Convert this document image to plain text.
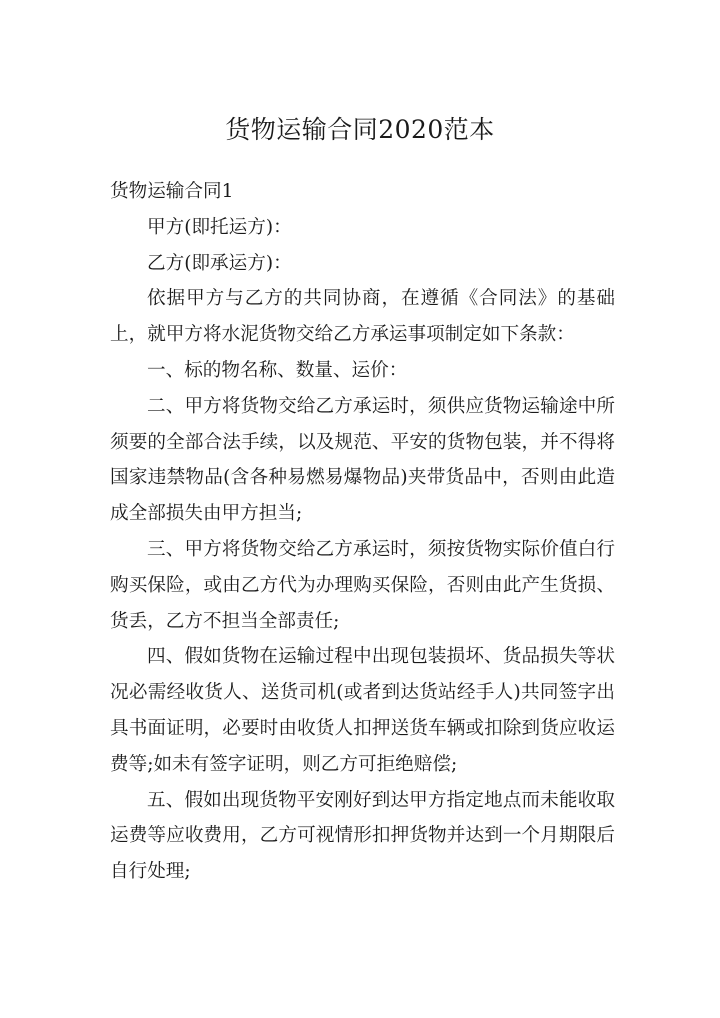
货物运输合同2020范本

货物运输合同1

甲方(即托运方)：

乙方(即承运方)：

依据甲方与乙方的共同协商，在遵循《合同法》的基础上，就甲方将水泥货物交给乙方承运事项制定如下条款：

一、标的物名称、数量、运价：

二、甲方将货物交给乙方承运时，须供应货物运输途中所须要的全部合法手续，以及规范、平安的货物包装，并不得将国家违禁物品(含各种易燃易爆物品)夹带货品中，否则由此造成全部损失由甲方担当;

三、甲方将货物交给乙方承运时，须按货物实际价值白行购买保险，或由乙方代为办理购买保险，否则由此产生货损、货丢，乙方不担当全部责任;

四、假如货物在运输过程中出现包装损坏、货品损失等状况必需经收货人、送货司机(或者到达货站经手人)共同签字出具书面证明，必要时由收货人扣押送货车辆或扣除到货应收运费等;如未有签字证明，则乙方可拒绝赔偿;

五、假如出现货物平安刚好到达甲方指定地点而未能收取运费等应收费用，乙方可视情形扣押货物并达到一个月期限后自行处理;
